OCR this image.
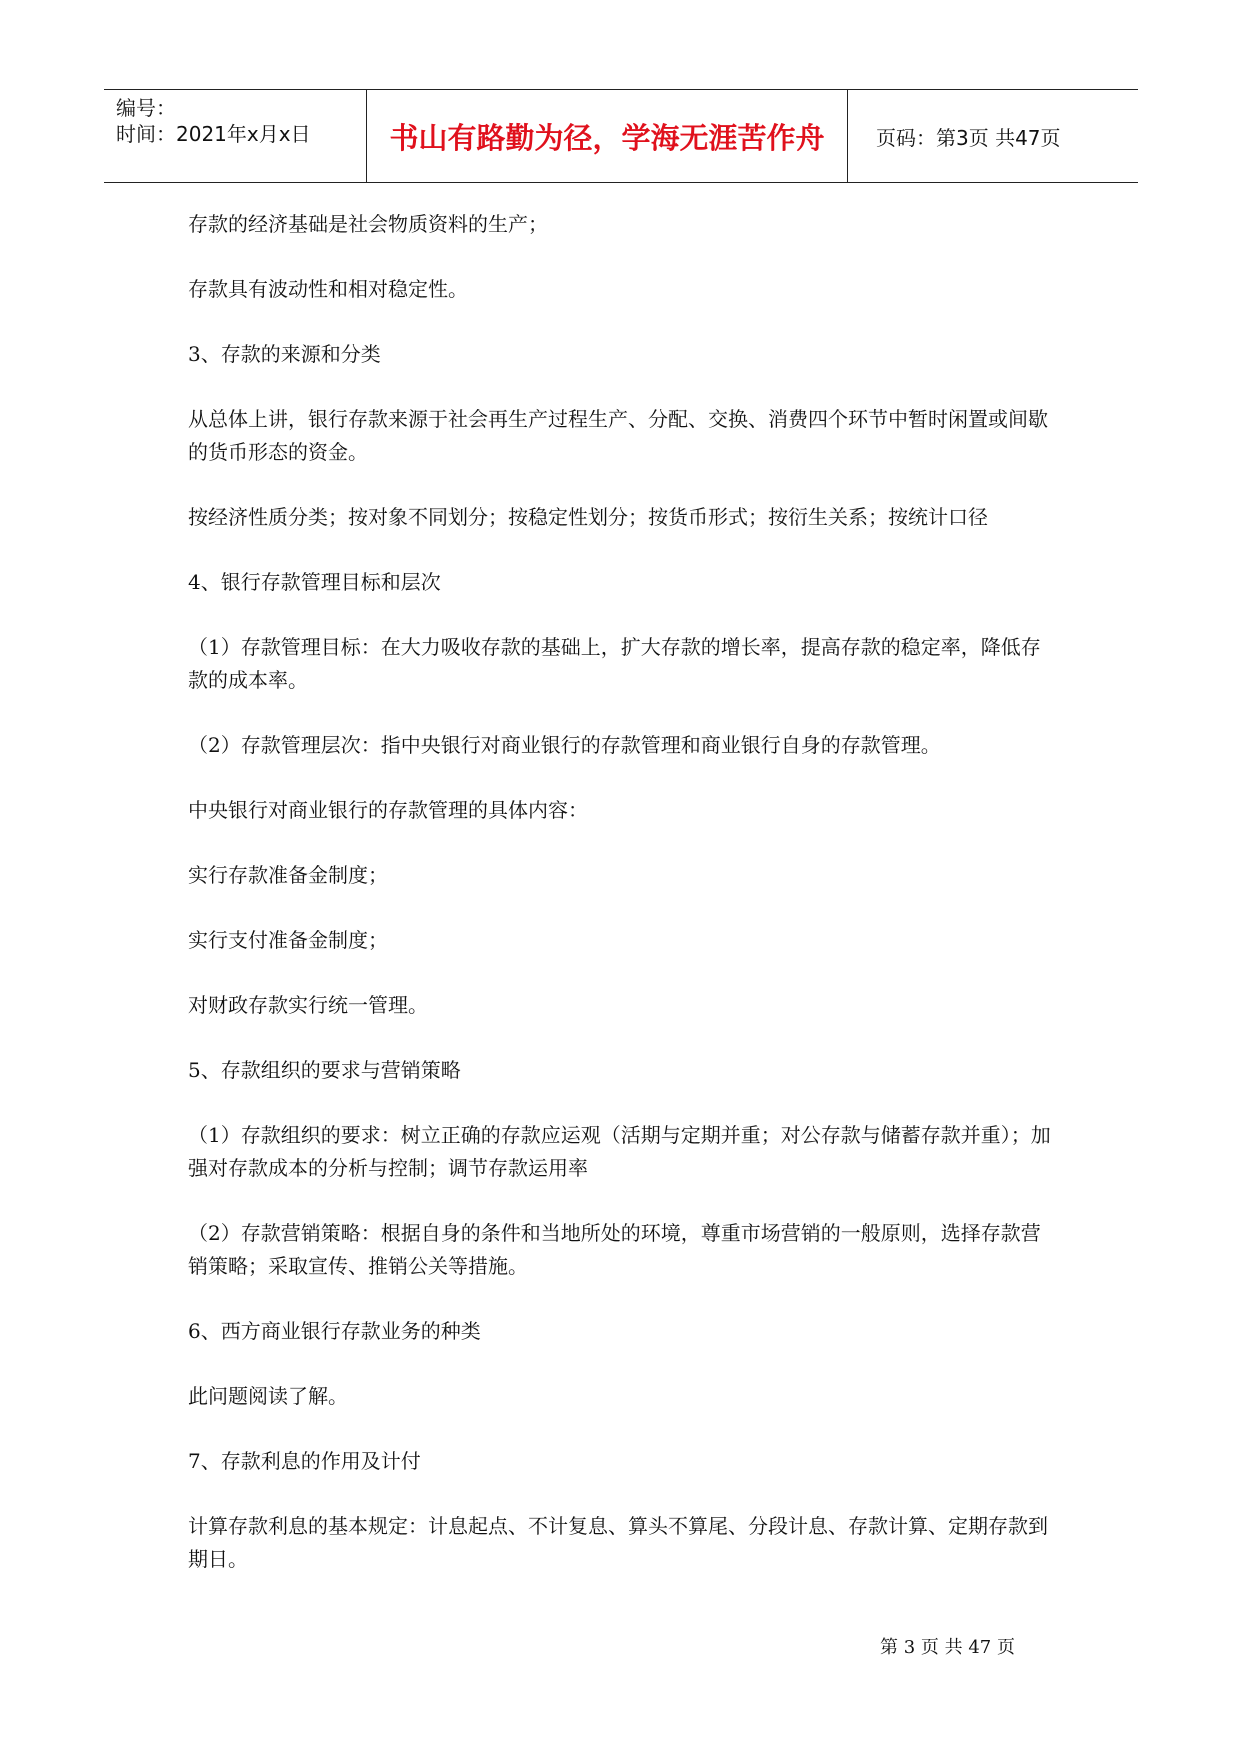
编号：
时间：2021年x月x日	书山有路勤为径，学海无涯苦作舟	页码：第3页 共47页

存款的经济基础是社会物质资料的生产；

存款具有波动性和相对稳定性。

3、存款的来源和分类

从总体上讲，银行存款来源于社会再生产过程生产、分配、交换、消费四个环节中暂时闲置或间歇的货币形态的资金。

按经济性质分类；按对象不同划分；按稳定性划分；按货币形式；按衍生关系；按统计口径

4、银行存款管理目标和层次

（1）存款管理目标：在大力吸收存款的基础上，扩大存款的增长率，提高存款的稳定率，降低存款的成本率。

（2）存款管理层次：指中央银行对商业银行的存款管理和商业银行自身的存款管理。

中央银行对商业银行的存款管理的具体内容：

实行存款准备金制度；

实行支付准备金制度；

对财政存款实行统一管理。

5、存款组织的要求与营销策略

（1）存款组织的要求：树立正确的存款应运观（活期与定期并重；对公存款与储蓄存款并重）；加强对存款成本的分析与控制；调节存款运用率

（2）存款营销策略：根据自身的条件和当地所处的环境，尊重市场营销的一般原则，选择存款营销策略；采取宣传、推销公关等措施。

6、西方商业银行存款业务的种类

此问题阅读了解。

7、存款利息的作用及计付

计算存款利息的基本规定：计息起点、不计复息、算头不算尾、分段计息、存款计算、定期存款到期日。

第 3 页 共 47 页
